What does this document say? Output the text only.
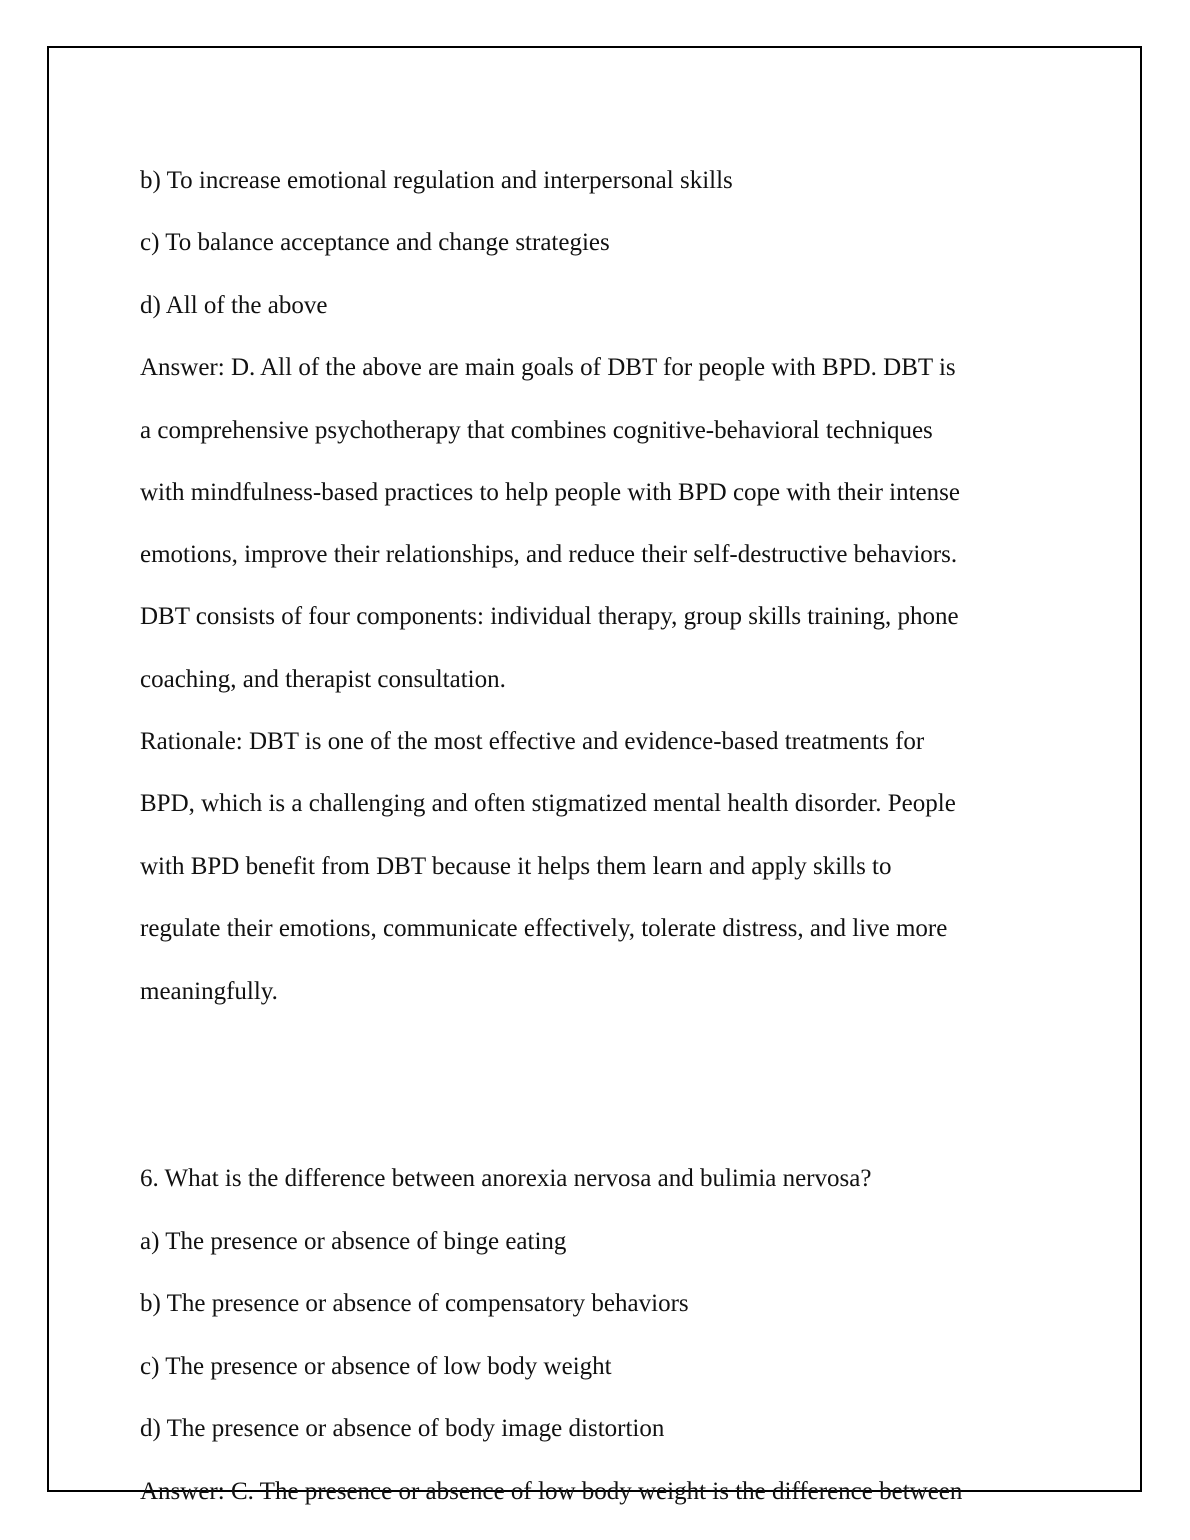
b) To increase emotional regulation and interpersonal skills
c) To balance acceptance and change strategies
d) All of the above
Answer: D. All of the above are main goals of DBT for people with BPD. DBT is
a comprehensive psychotherapy that combines cognitive-behavioral techniques
with mindfulness-based practices to help people with BPD cope with their intense
emotions, improve their relationships, and reduce their self-destructive behaviors.
DBT consists of four components: individual therapy, group skills training, phone
coaching, and therapist consultation.
Rationale: DBT is one of the most effective and evidence-based treatments for
BPD, which is a challenging and often stigmatized mental health disorder. People
with BPD benefit from DBT because it helps them learn and apply skills to
regulate their emotions, communicate effectively, tolerate distress, and live more
meaningfully.
6. What is the difference between anorexia nervosa and bulimia nervosa?
a) The presence or absence of binge eating
b) The presence or absence of compensatory behaviors
c) The presence or absence of low body weight
d) The presence or absence of body image distortion
Answer: C. The presence or absence of low body weight is the difference between
